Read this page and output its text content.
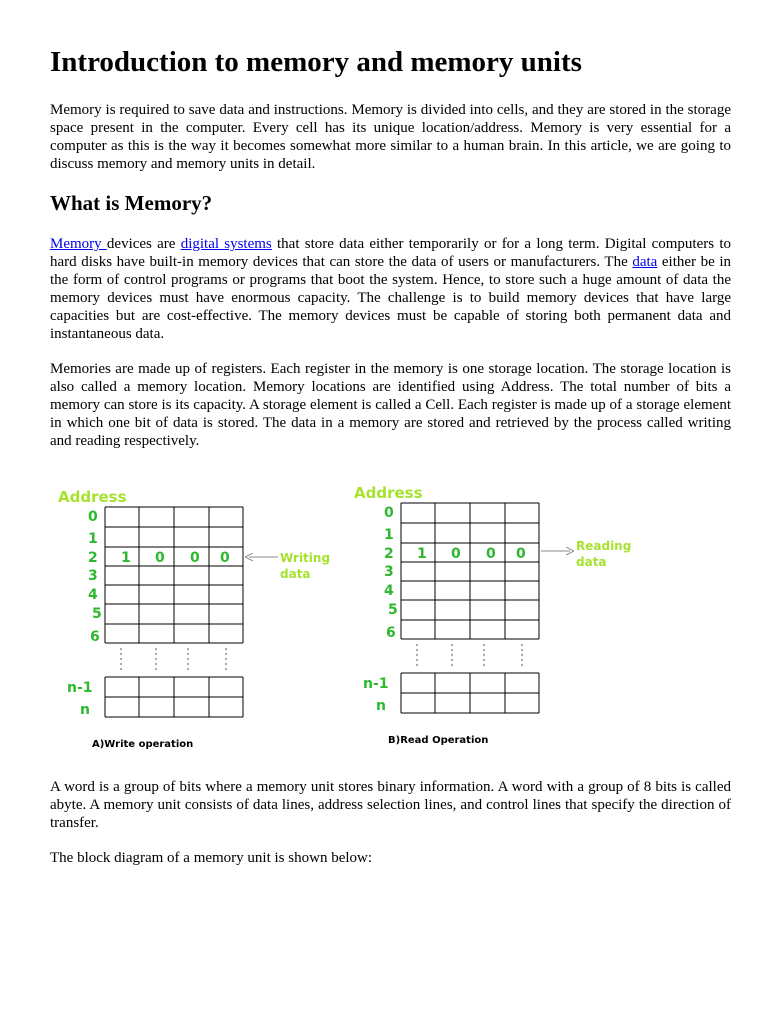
Introduction to memory and memory units

Memory is required to save data and instructions. Memory is divided into cells, and they are stored in the storage space present in the computer. Every cell has its unique location/address. Memory is very essential for a computer as this is the way it becomes somewhat more similar to a human brain. In this article, we are going to discuss memory and memory units in detail.

What is Memory?

Memory devices are digital systems that store data either temporarily or for a long term. Digital computers to hard disks have built-in memory devices that can store the data of users or manufacturers. The data either be in the form of control programs or programs that boot the system. Hence, to store such a huge amount of data the memory devices must have enormous capacity. The challenge is to build memory devices that have large capacities but are cost-effective. The memory devices must be capable of storing both permanent data and instantaneous data.

Memories are made up of registers. Each register in the memory is one storage location. The storage location is also called a memory location. Memory locations are identified using Address. The total number of bits a memory can store is its capacity. A storage element is called a Cell. Each register is made up of a storage element in which one bit of data is stored. The data in a memory are stored and retrieved by the process called writing and reading respectively.

A word is a group of bits where a memory unit stores binary information. A word with a group of 8 bits is called abyte. A memory unit consists of data lines, address selection lines, and control lines that specify the direction of transfer.

The block diagram of a memory unit is shown below:

Address
0
1
2
3
4
5
6
1 0 0 0
n-1
n
Writing
data
A)Write operation
Address
0
1
2
3
4
5
6
1 0 0 0
n-1
n
Reading
data
B)Read Operation
